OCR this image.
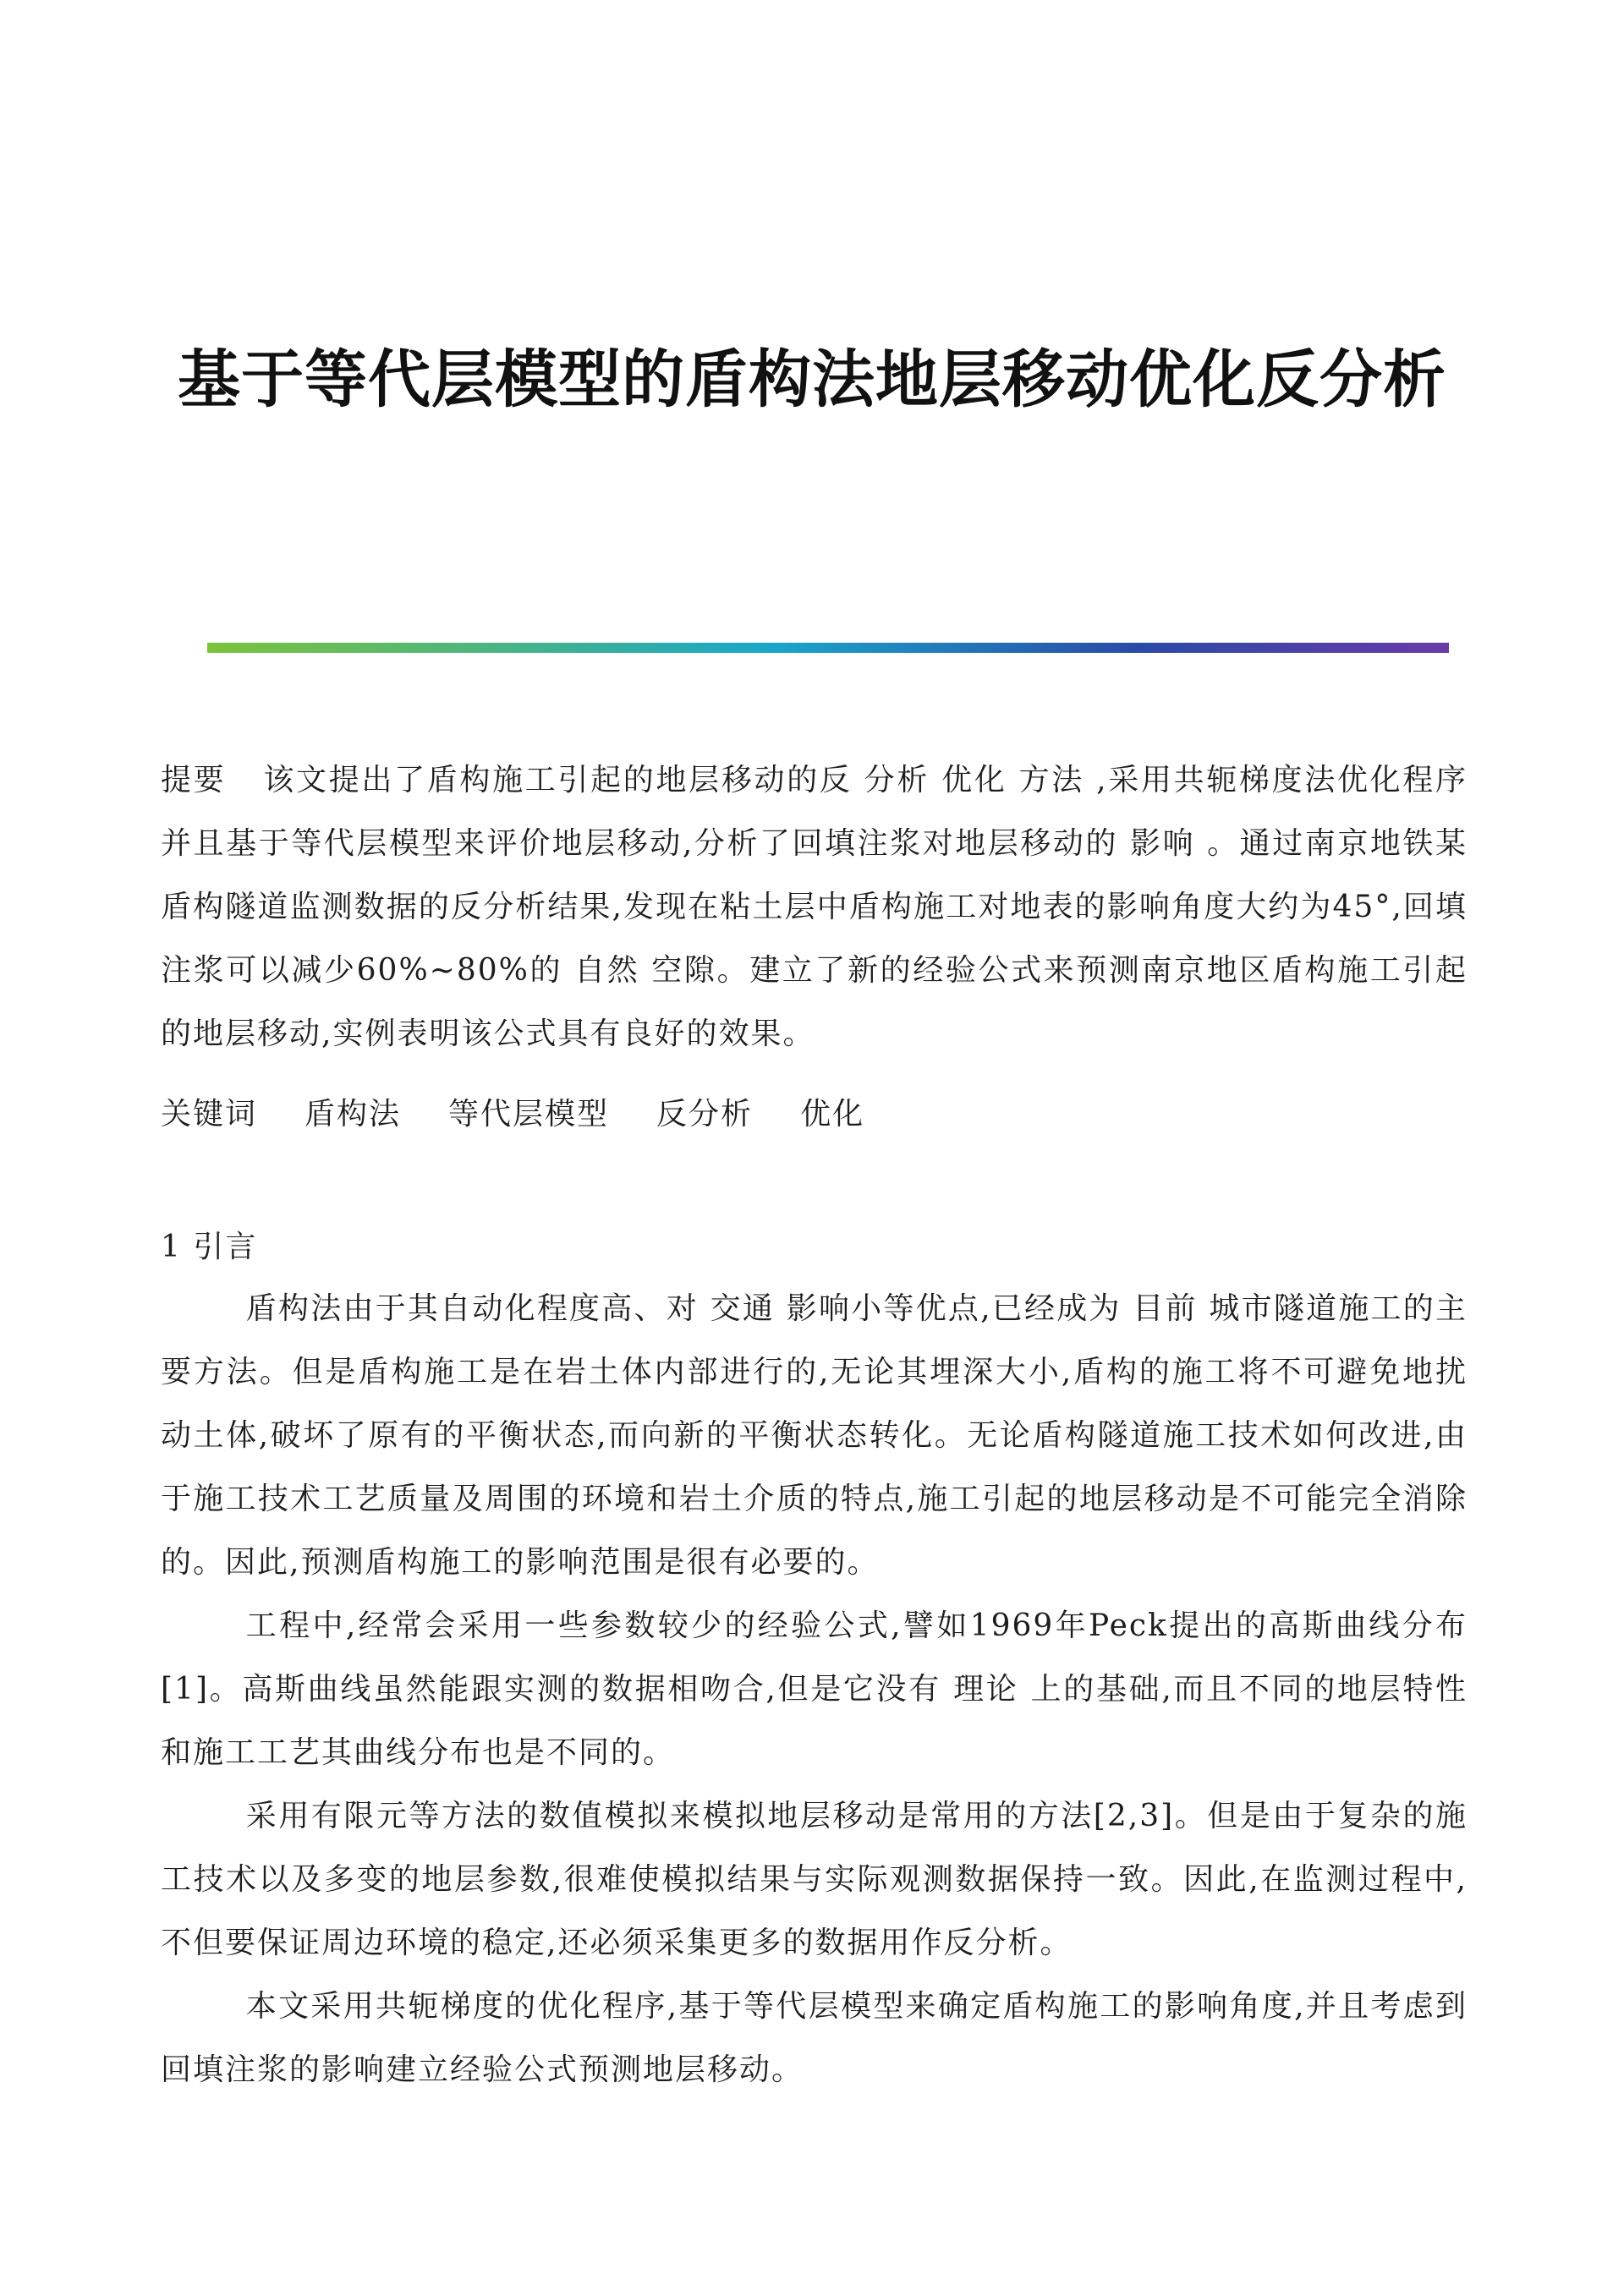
基于等代层模型的盾构法地层移动优化反分析
提要 该文提出了盾构施工引起的地层移动的反 分析 优化 方法 ,采用共轭梯度法优化程序并且基于等代层模型来评价地层移动,分析了回填注浆对地层移动的 影响 。通过南京地铁某盾构隧道监测数据的反分析结果,发现在粘土层中盾构施工对地表的影响角度大约为45°,回填注浆可以减少60%~80%的 自然 空隙。建立了新的经验公式来预测南京地区盾构施工引起的地层移动,实例表明该公式具有良好的效果。
关键词 盾构法 等代层模型 反分析 优化
1 引言

盾构法由于其自动化程度高、对 交通 影响小等优点,已经成为 目前 城市隧道施工的主要方法。但是盾构施工是在岩土体内部进行的,无论其埋深大小,盾构的施工将不可避免地扰动土体,破坏了原有的平衡状态,而向新的平衡状态转化。无论盾构隧道施工技术如何改进,由于施工技术工艺质量及周围的环境和岩土介质的特点,施工引起的地层移动是不可能完全消除的。因此,预测盾构施工的影响范围是很有必要的。

工程中,经常会采用一些参数较少的经验公式,譬如1969年Peck提出的高斯曲线分布[1]。高斯曲线虽然能跟实测的数据相吻合,但是它没有 理论 上的基础,而且不同的地层特性和施工工艺其曲线分布也是不同的。

采用有限元等方法的数值模拟来模拟地层移动是常用的方法[2,3]。但是由于复杂的施工技术以及多变的地层参数,很难使模拟结果与实际观测数据保持一致。因此,在监测过程中,不但要保证周边环境的稳定,还必须采集更多的数据用作反分析。

本文采用共轭梯度的优化程序,基于等代层模型来确定盾构施工的影响角度,并且考虑到回填注浆的影响建立经验公式预测地层移动。
